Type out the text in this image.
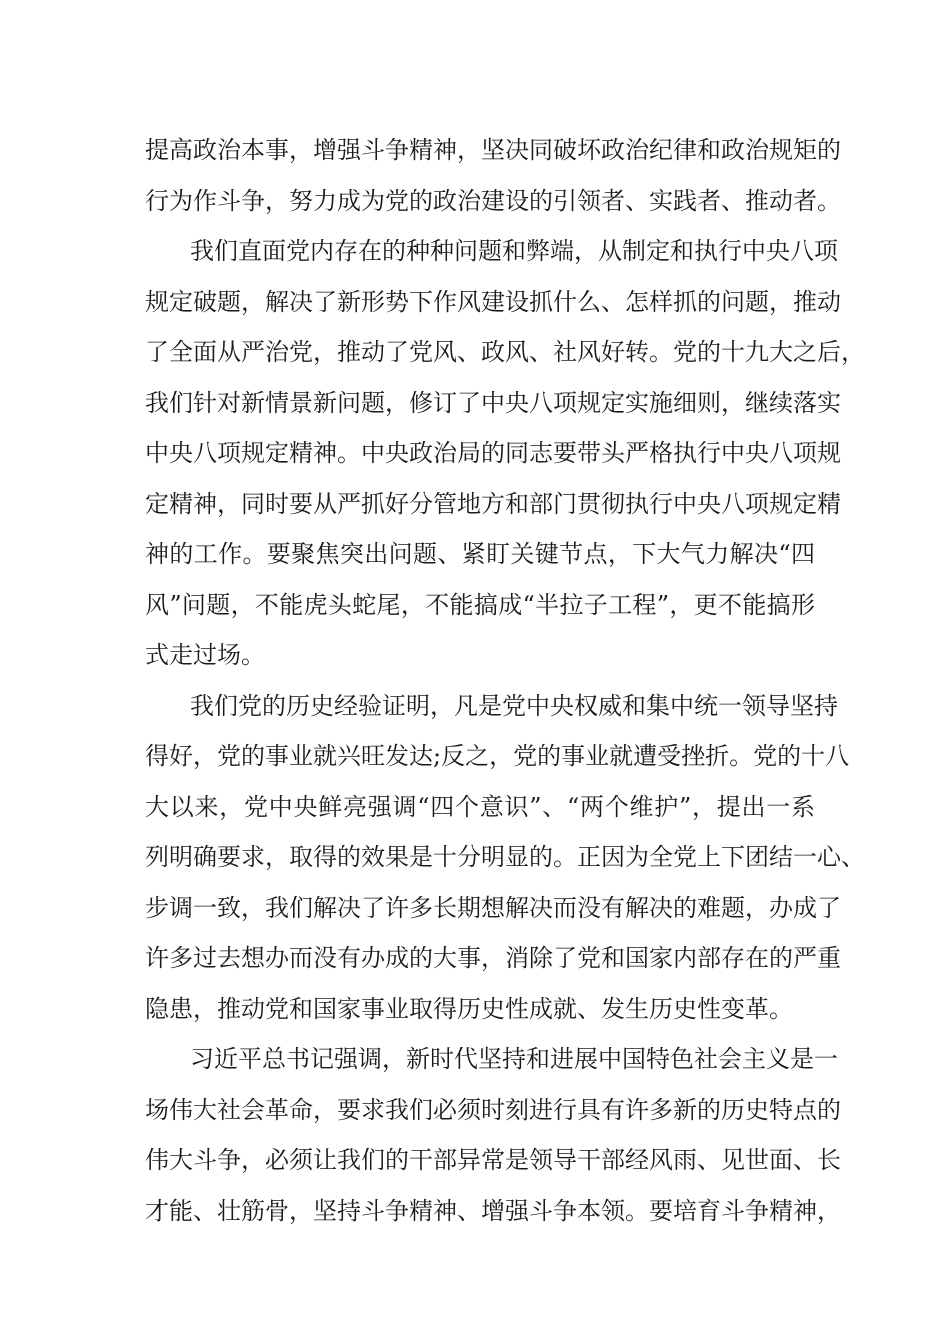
提高政治本事，增强斗争精神，坚决同破坏政治纪律和政治规矩的
行为作斗争，努力成为党的政治建设的引领者、实践者、推动者。
我们直面党内存在的种种问题和弊端，从制定和执行中央八项
规定破题，解决了新形势下作风建设抓什么、怎样抓的问题，推动
了全面从严治党，推动了党风、政风、社风好转。党的十九大之后，
我们针对新情景新问题，修订了中央八项规定实施细则，继续落实
中央八项规定精神。中央政治局的同志要带头严格执行中央八项规
定精神，同时要从严抓好分管地方和部门贯彻执行中央八项规定精
神的工作。要聚焦突出问题、紧盯关键节点，下大气力解决“四
风”问题，不能虎头蛇尾，不能搞成“半拉子工程”，更不能搞形
式走过场。
我们党的历史经验证明，凡是党中央权威和集中统一领导坚持
得好，党的事业就兴旺发达;反之，党的事业就遭受挫折。党的十八
大以来，党中央鲜亮强调“四个意识”、“两个维护”，提出一系
列明确要求，取得的效果是十分明显的。正因为全党上下团结一心、
步调一致，我们解决了许多长期想解决而没有解决的难题，办成了
许多过去想办而没有办成的大事，消除了党和国家内部存在的严重
隐患，推动党和国家事业取得历史性成就、发生历史性变革。
习近平总书记强调，新时代坚持和进展中国特色社会主义是一
场伟大社会革命，要求我们必须时刻进行具有许多新的历史特点的
伟大斗争，必须让我们的干部异常是领导干部经风雨、见世面、长
才能、壮筋骨，坚持斗争精神、增强斗争本领。要培育斗争精神，
